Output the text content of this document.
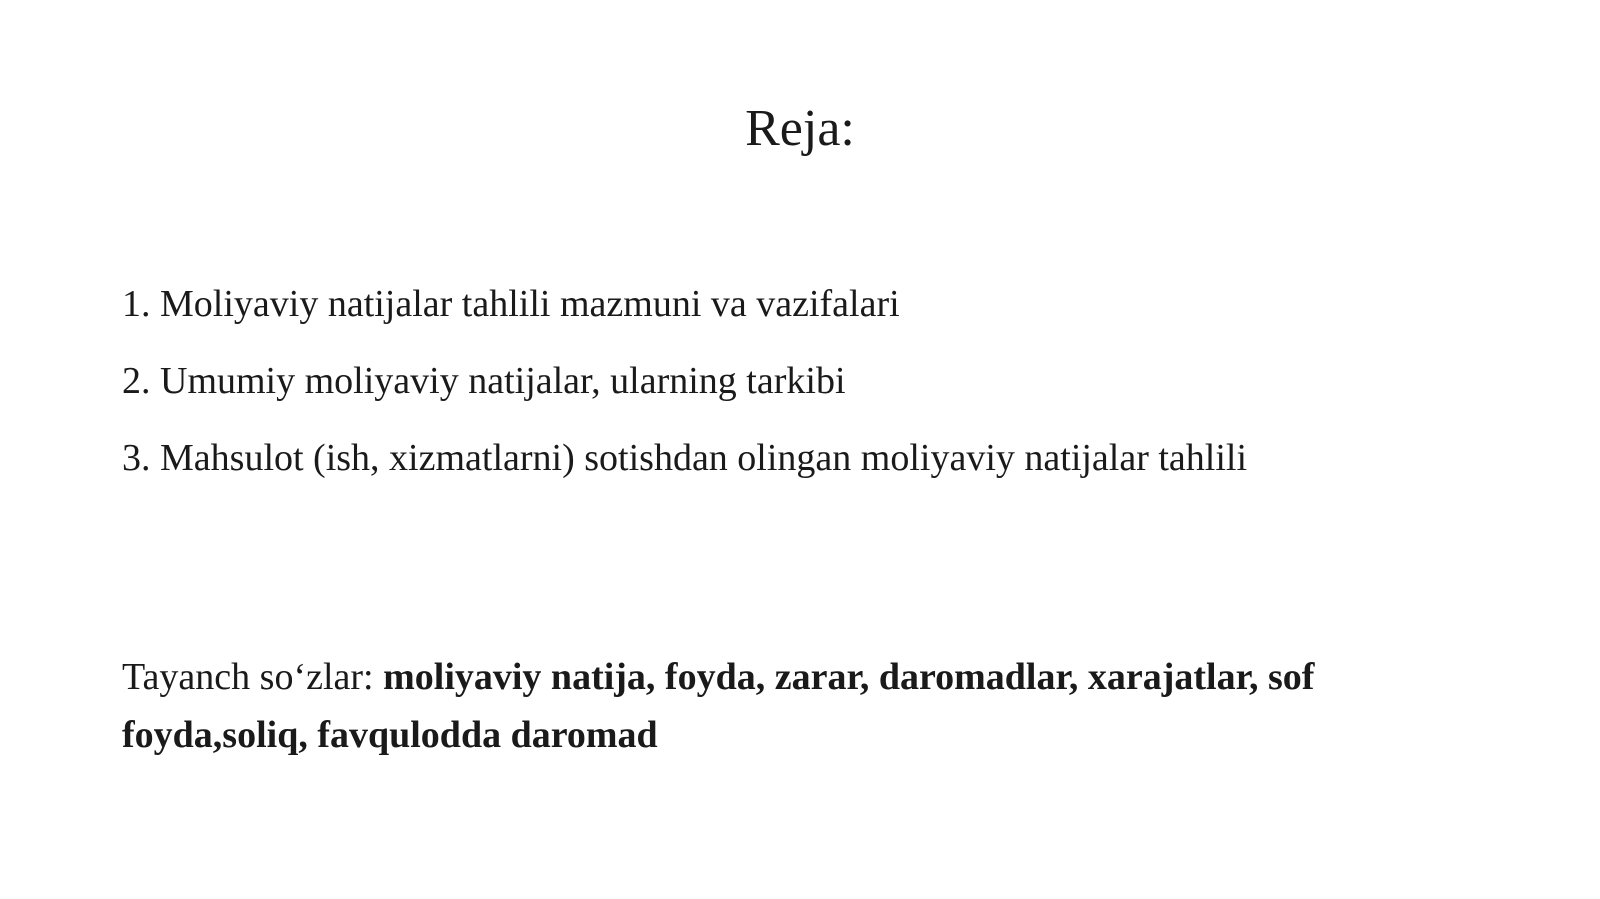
Reja:
1. Moliyaviy natijalar tahlili mazmuni va vazifalari
2. Umumiy moliyaviy natijalar, ularning tarkibi
3. Mahsulot (ish, xizmatlarni) sotishdan olingan moliyaviy natijalar tahlili

Tayanch so‘zlar: moliyaviy natija, foyda, zarar, daromadlar, xarajatlar, sof foyda,soliq, favqulodda daromad
